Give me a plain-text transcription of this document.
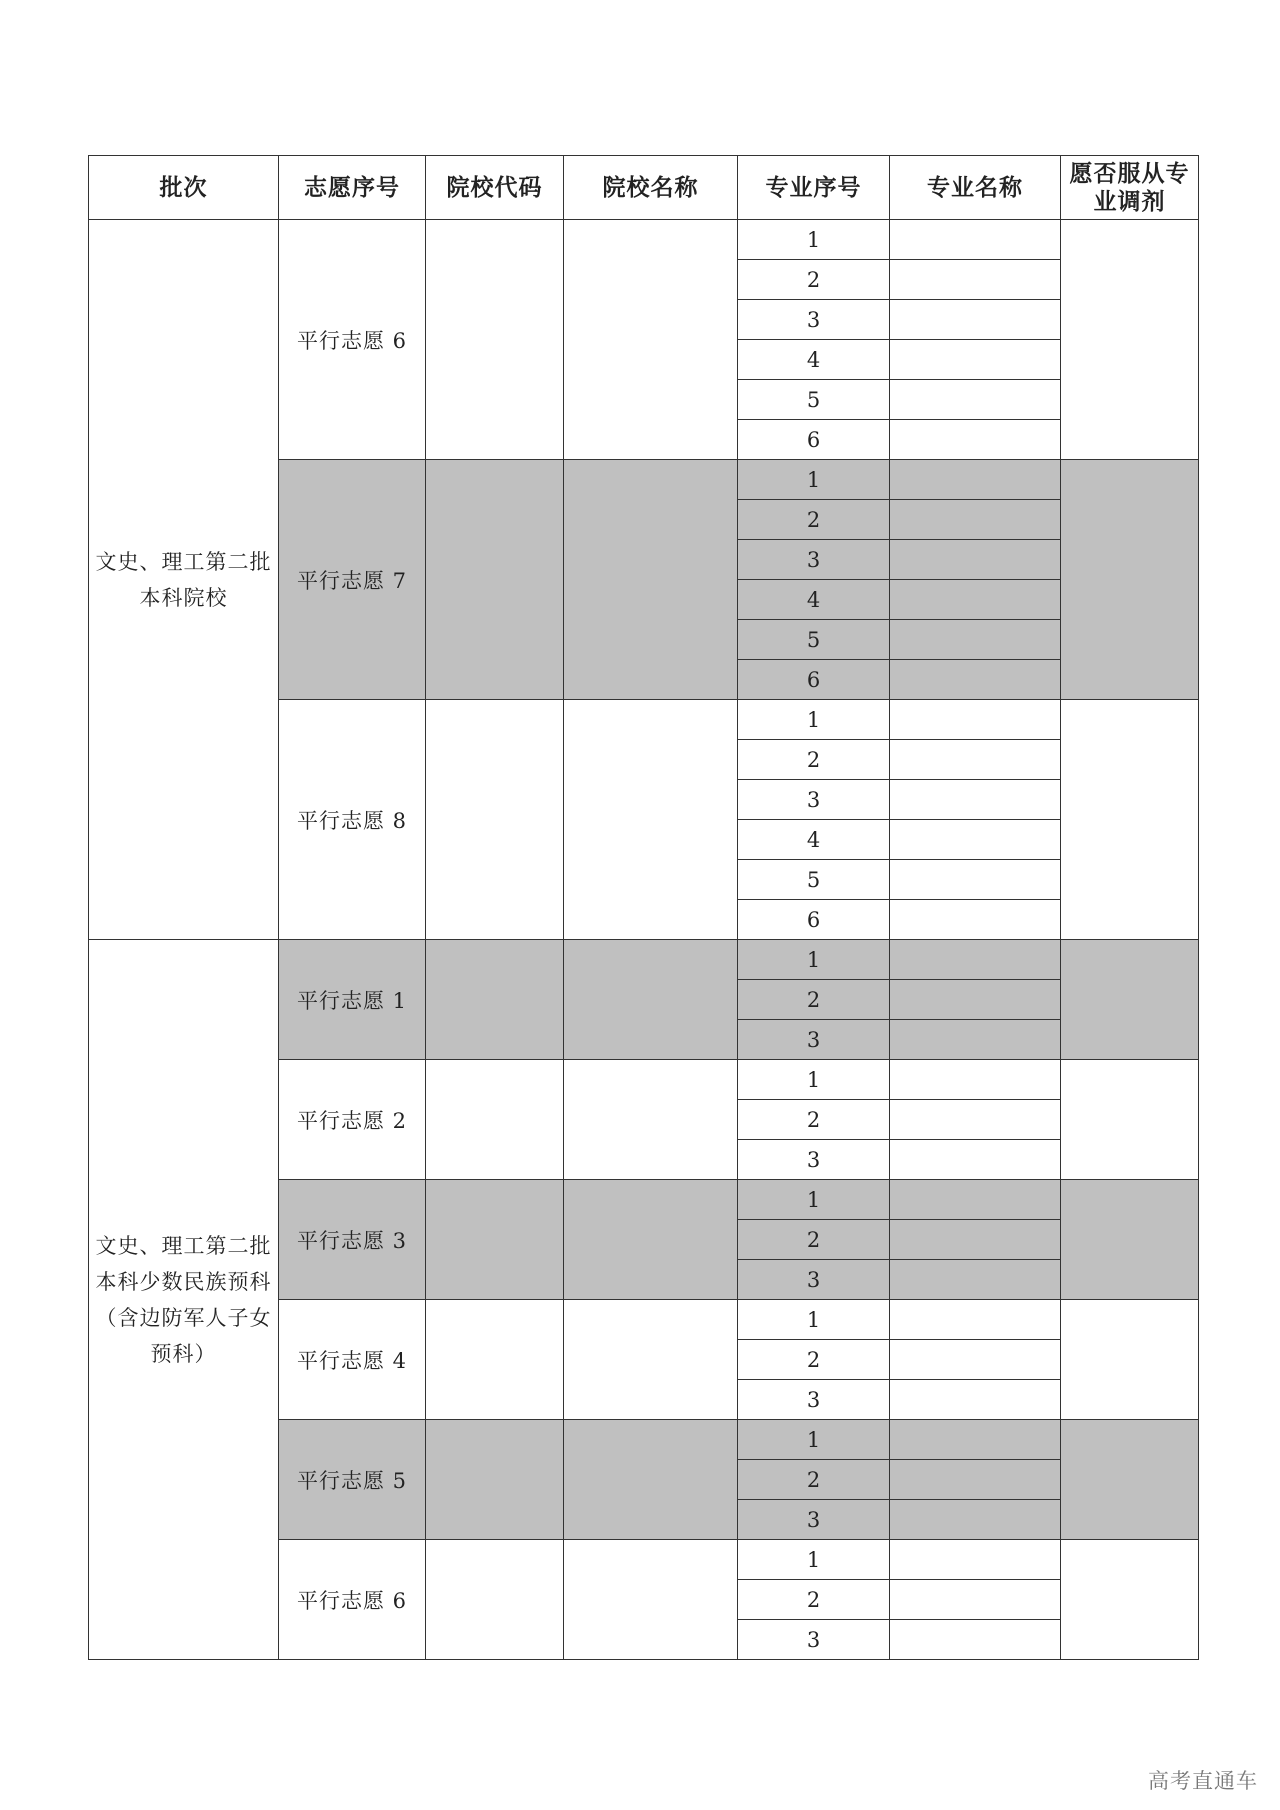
批次	志愿序号	院校代码	院校名称	专业序号	专业名称	愿否服从专业调剂
文史、理工第二批本科院校	平行志愿 6			1		
				2		
				3		
				4		
				5		
				6		
	平行志愿 7			1		
				2		
				3		
				4		
				5		
				6		
	平行志愿 8			1		
				2		
				3		
				4		
				5		
				6		
文史、理工第二批本科少数民族预科（含边防军人子女预科）	平行志愿 1			1		
				2		
				3		
	平行志愿 2			1		
				2		
				3		
	平行志愿 3			1		
				2		
				3		
	平行志愿 4			1		
				2		
				3		
	平行志愿 5			1		
				2		
				3		
	平行志愿 6			1		
				2		
				3		
高考直通车
